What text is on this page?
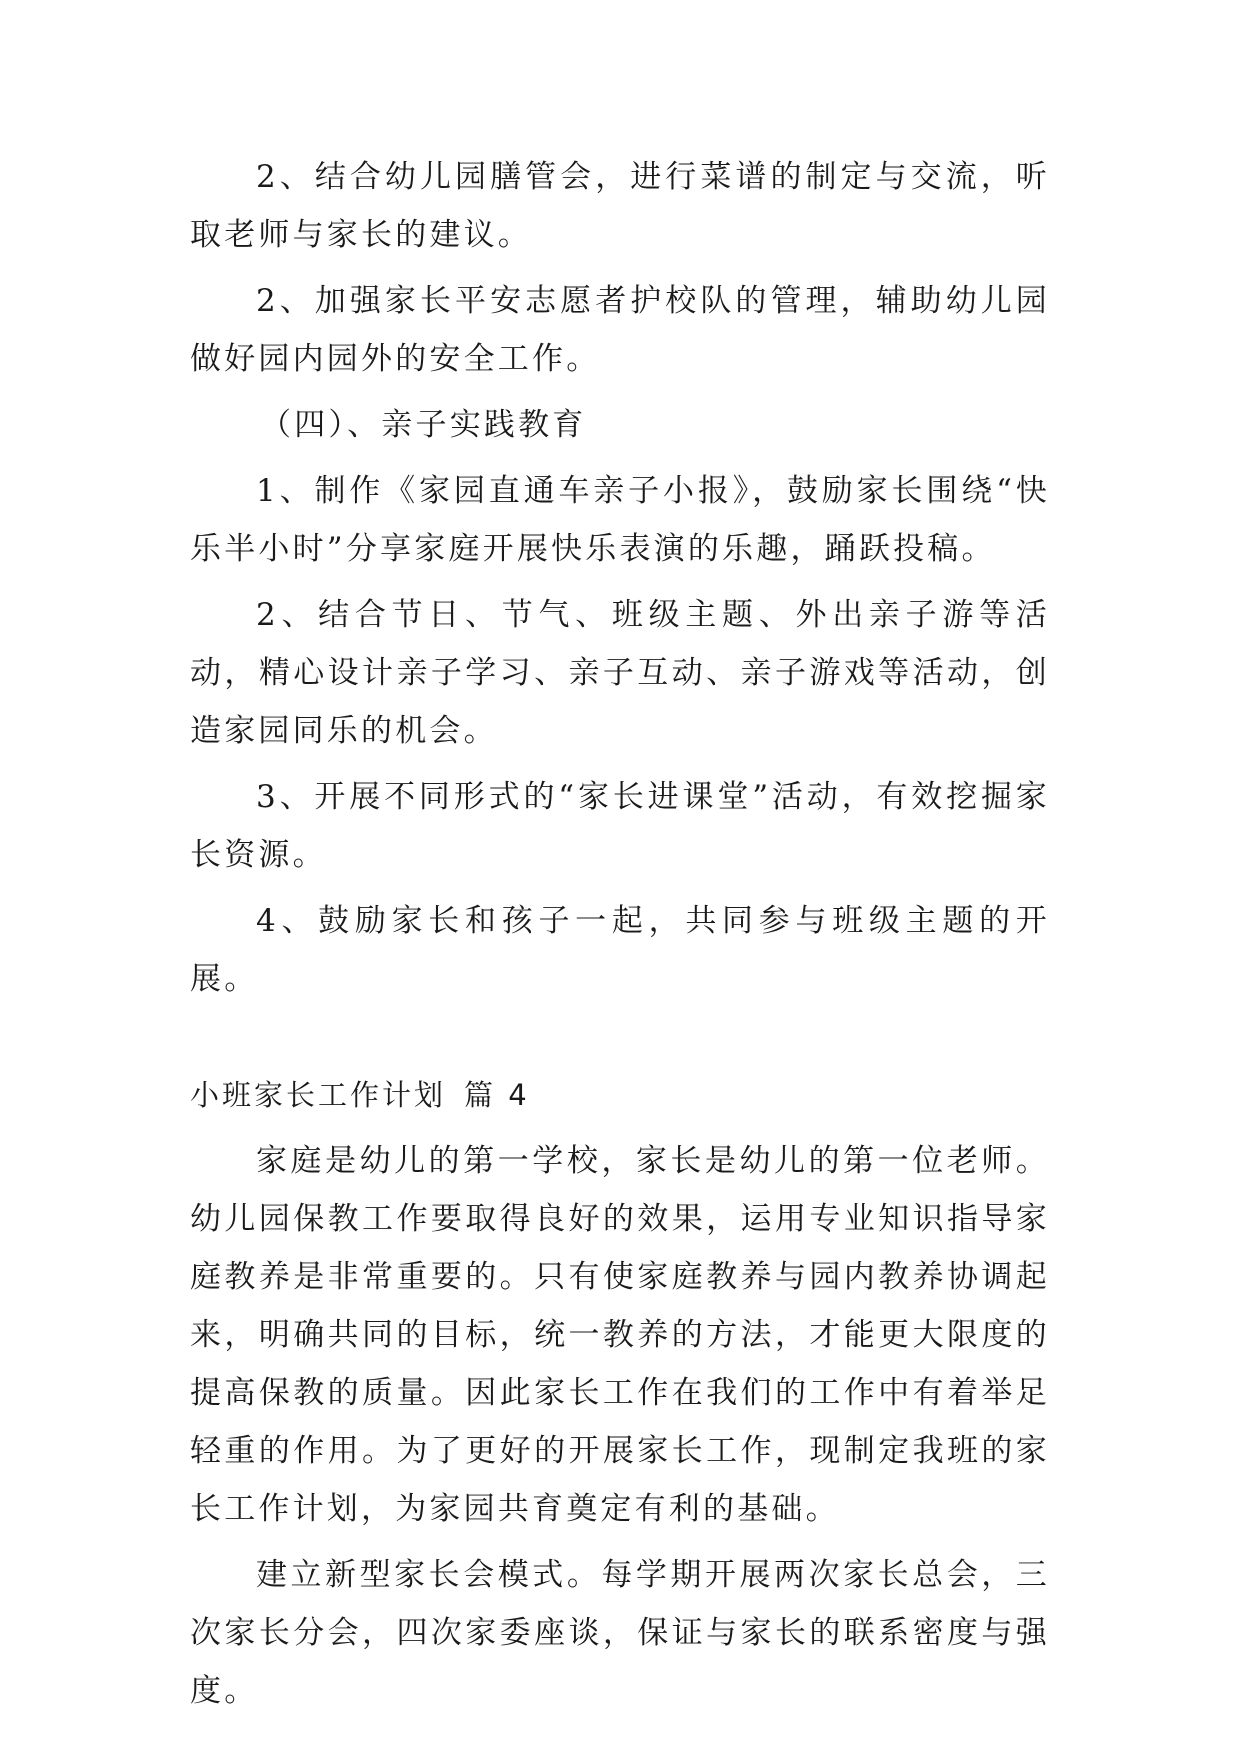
2、结合幼儿园膳管会，进行菜谱的制定与交流，听取老师与家长的建议。

2、加强家长平安志愿者护校队的管理，辅助幼儿园做好园内园外的安全工作。

（四）、亲子实践教育

1、制作《家园直通车亲子小报》，鼓励家长围绕“快乐半小时”分享家庭开展快乐表演的乐趣，踊跃投稿。

2、结合节日、节气、班级主题、外出亲子游等活动，精心设计亲子学习、亲子互动、亲子游戏等活动，创造家园同乐的机会。

3、开展不同形式的“家长进课堂”活动，有效挖掘家长资源。

4、鼓励家长和孩子一起，共同参与班级主题的开展。

小班家长工作计划 篇 4

家庭是幼儿的第一学校，家长是幼儿的第一位老师。幼儿园保教工作要取得良好的效果，运用专业知识指导家庭教养是非常重要的。只有使家庭教养与园内教养协调起来，明确共同的目标，统一教养的方法，才能更大限度的提高保教的质量。因此家长工作在我们的工作中有着举足轻重的作用。为了更好的开展家长工作，现制定我班的家长工作计划，为家园共育奠定有利的基础。

建立新型家长会模式。每学期开展两次家长总会，三次家长分会，四次家委座谈，保证与家长的联系密度与强度。
